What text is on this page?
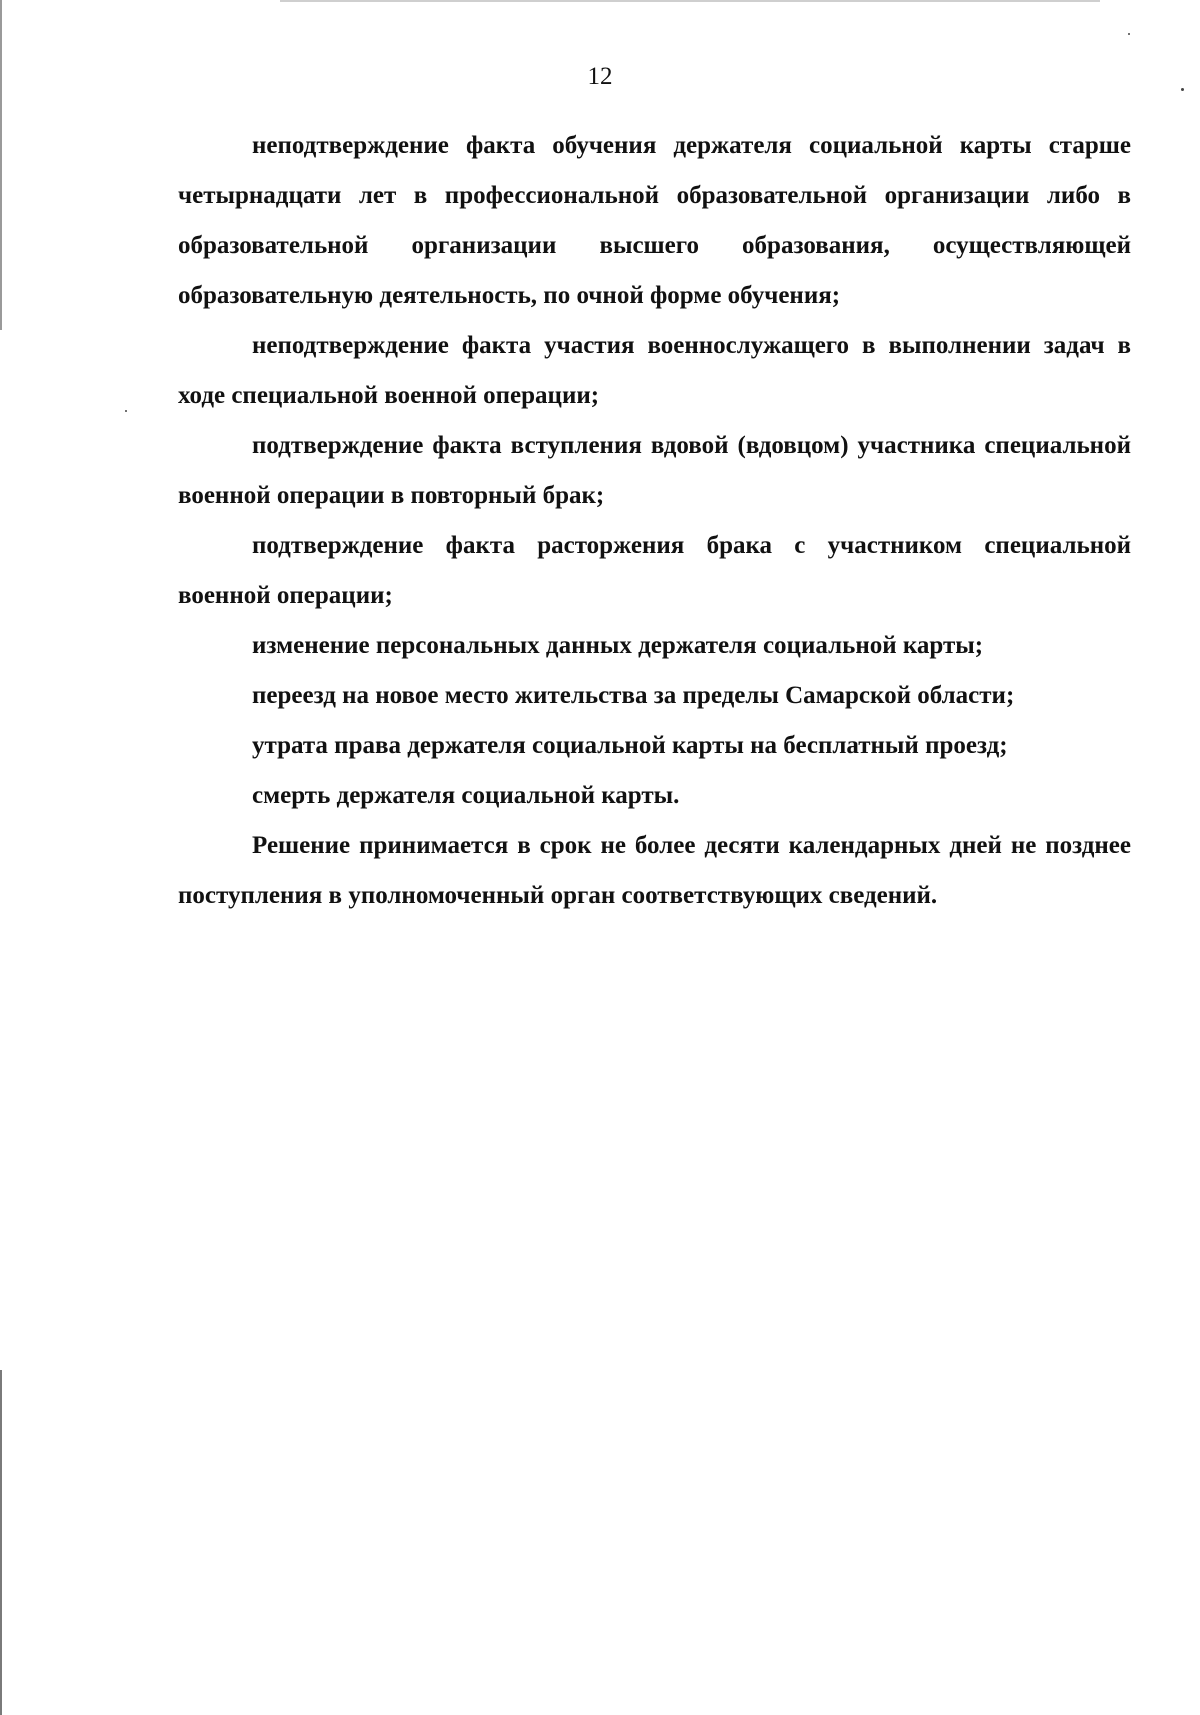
12

неподтверждение факта обучения держателя социальной карты старше четырнадцати лет в профессиональной образовательной организации либо в образовательной организации высшего образования, осуществляющей образовательную деятельность, по очной форме обучения;

неподтверждение факта участия военнослужащего в выполнении задач в ходе специальной военной операции;

подтверждение факта вступления вдовой (вдовцом) участника специальной военной операции в повторный брак;

подтверждение факта расторжения брака с участником специальной военной операции;

изменение персональных данных держателя социальной карты;

переезд на новое место жительства за пределы Самарской области;

утрата права держателя социальной карты на бесплатный проезд;

смерть держателя социальной карты.

Решение принимается в срок не более десяти календарных дней не позднее поступления в уполномоченный орган соответствующих сведений.
